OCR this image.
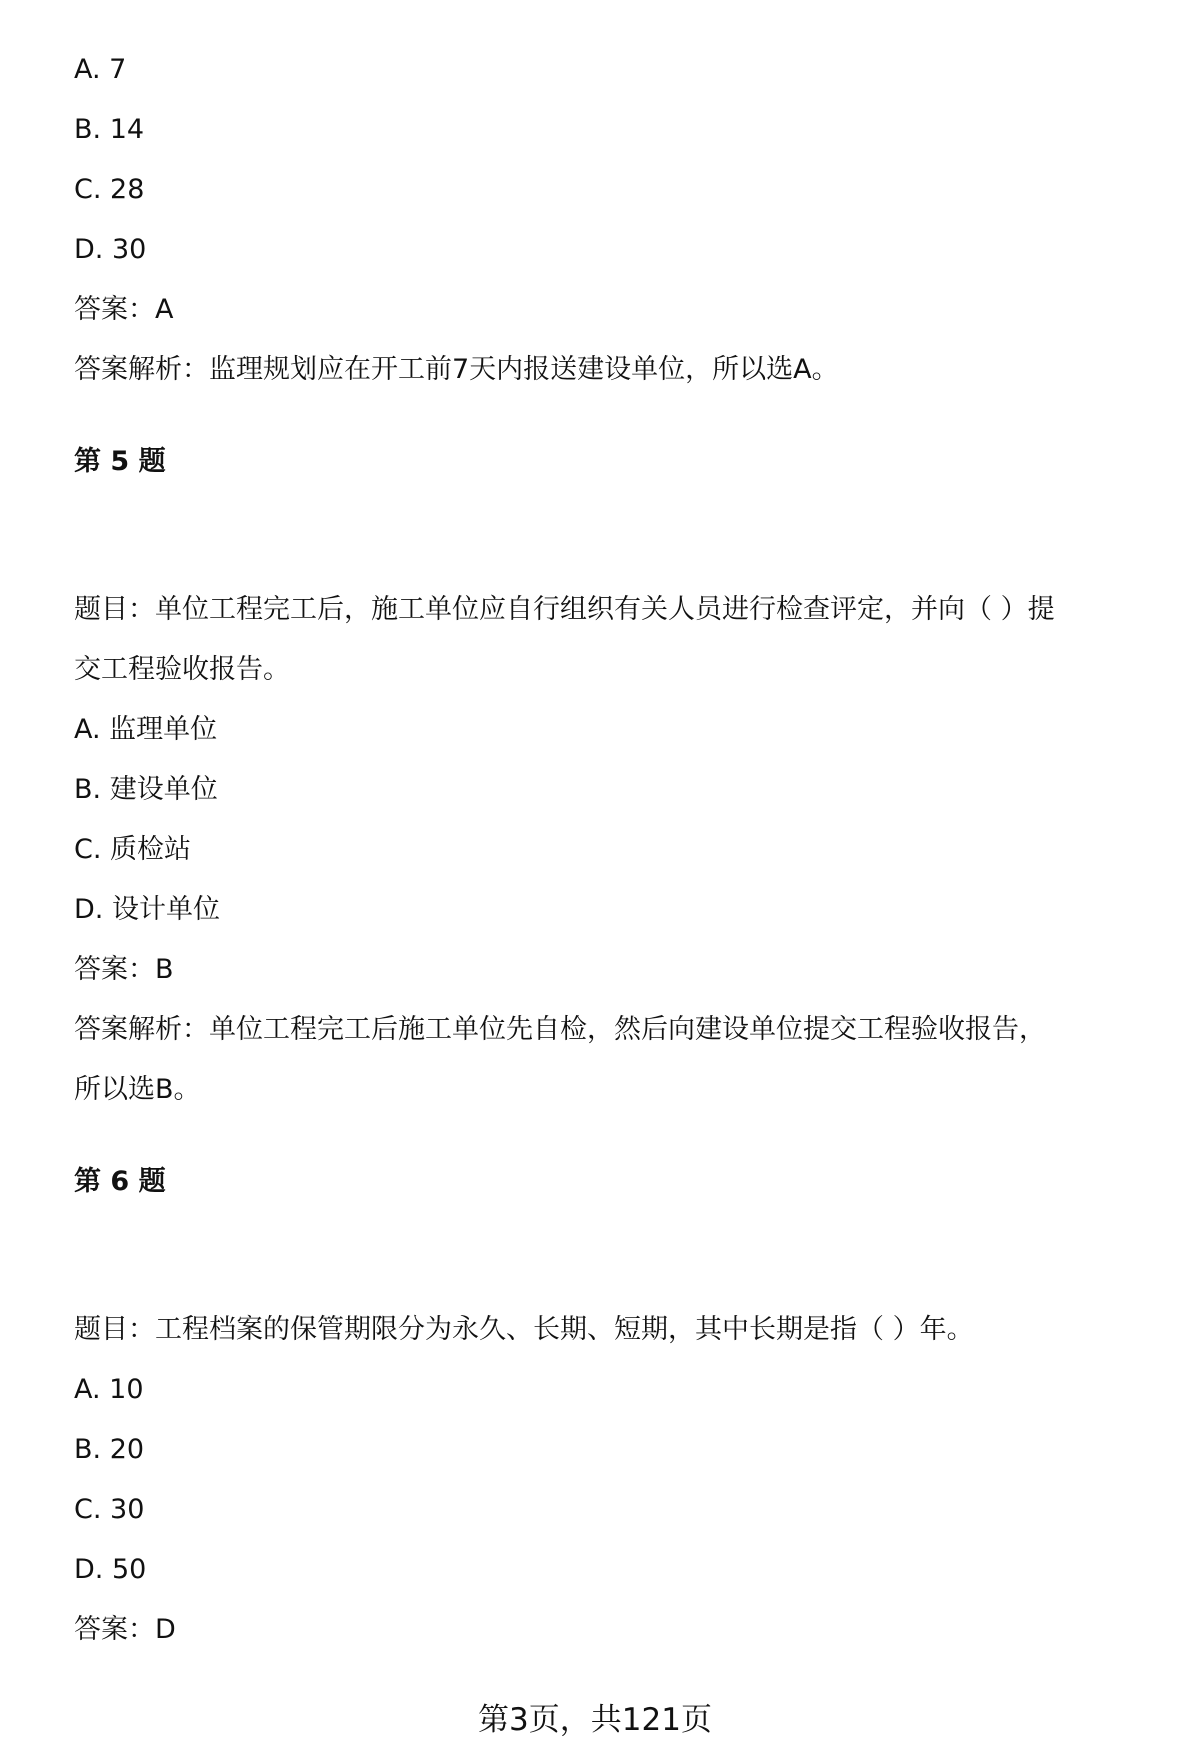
A. 7
B. 14
C. 28
D. 30
答案：A
答案解析：监理规划应在开工前7天内报送建设单位，所以选A。
第 5 题
题目：单位工程完工后，施工单位应自行组织有关人员进行检查评定，并向（ ）提
交工程验收报告。
A. 监理单位
B. 建设单位
C. 质检站
D. 设计单位
答案：B
答案解析：单位工程完工后施工单位先自检，然后向建设单位提交工程验收报告，
所以选B。
第 6 题
题目：工程档案的保管期限分为永久、长期、短期，其中长期是指（ ）年。
A. 10
B. 20
C. 30
D. 50
答案：D
第3页，共121页
